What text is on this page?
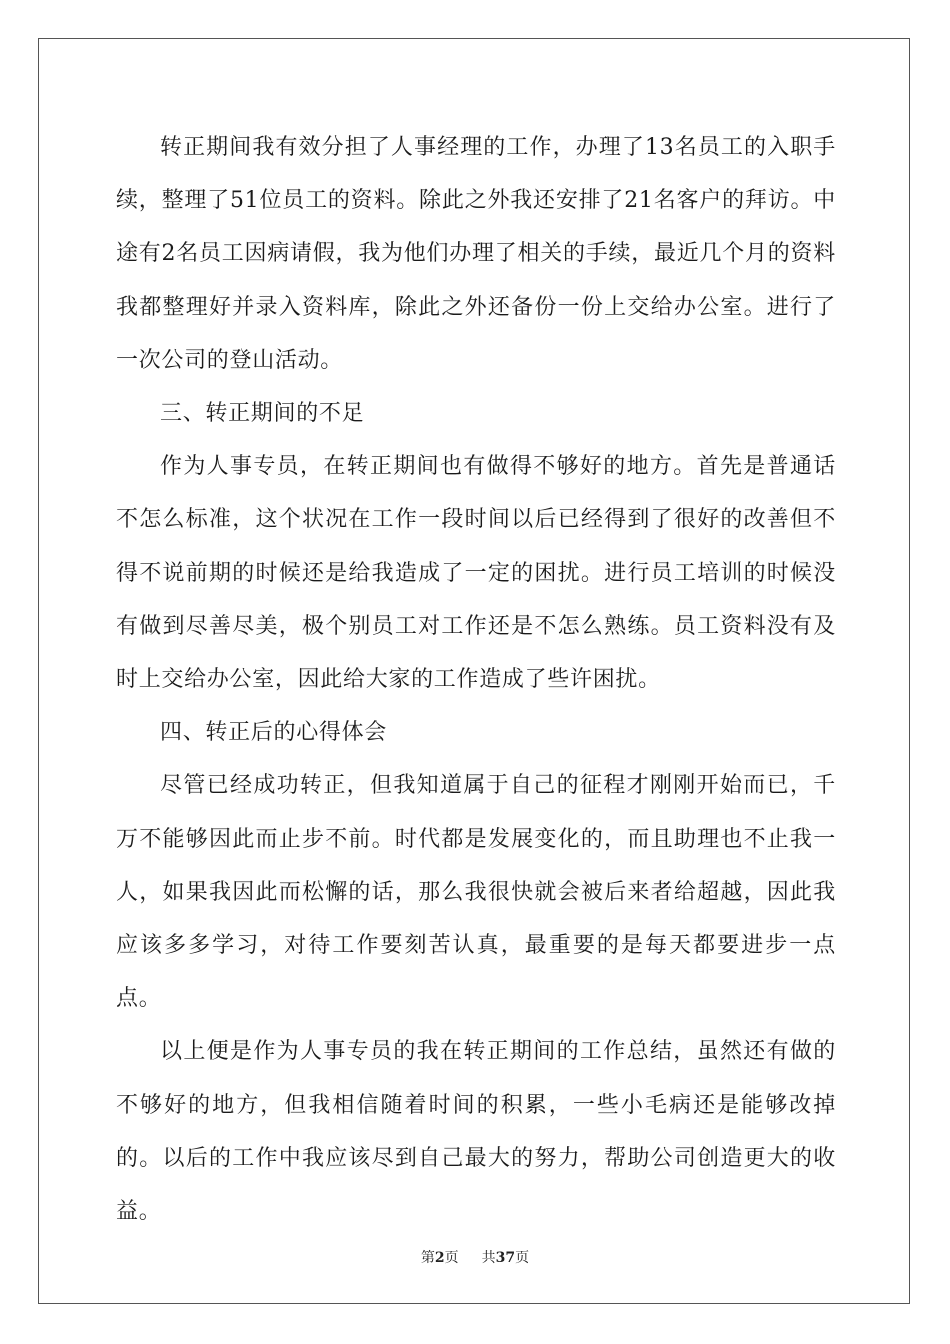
转正期间我有效分担了人事经理的工作，办理了13名员工的入职手续，整理了51位员工的资料。除此之外我还安排了21名客户的拜访。中途有2名员工因病请假，我为他们办理了相关的手续，最近几个月的资料我都整理好并录入资料库，除此之外还备份一份上交给办公室。进行了一次公司的登山活动。

三、转正期间的不足

作为人事专员，在转正期间也有做得不够好的地方。首先是普通话不怎么标准，这个状况在工作一段时间以后已经得到了很好的改善但不得不说前期的时候还是给我造成了一定的困扰。进行员工培训的时候没有做到尽善尽美，极个别员工对工作还是不怎么熟练。员工资料没有及时上交给办公室，因此给大家的工作造成了些许困扰。

四、转正后的心得体会

尽管已经成功转正，但我知道属于自己的征程才刚刚开始而已，千万不能够因此而止步不前。时代都是发展变化的，而且助理也不止我一人，如果我因此而松懈的话，那么我很快就会被后来者给超越，因此我应该多多学习，对待工作要刻苦认真，最重要的是每天都要进步一点点。

以上便是作为人事专员的我在转正期间的工作总结，虽然还有做的不够好的地方，但我相信随着时间的积累，一些小毛病还是能够改掉的。以后的工作中我应该尽到自己最大的努力，帮助公司创造更大的收益。

第2页 共37页
